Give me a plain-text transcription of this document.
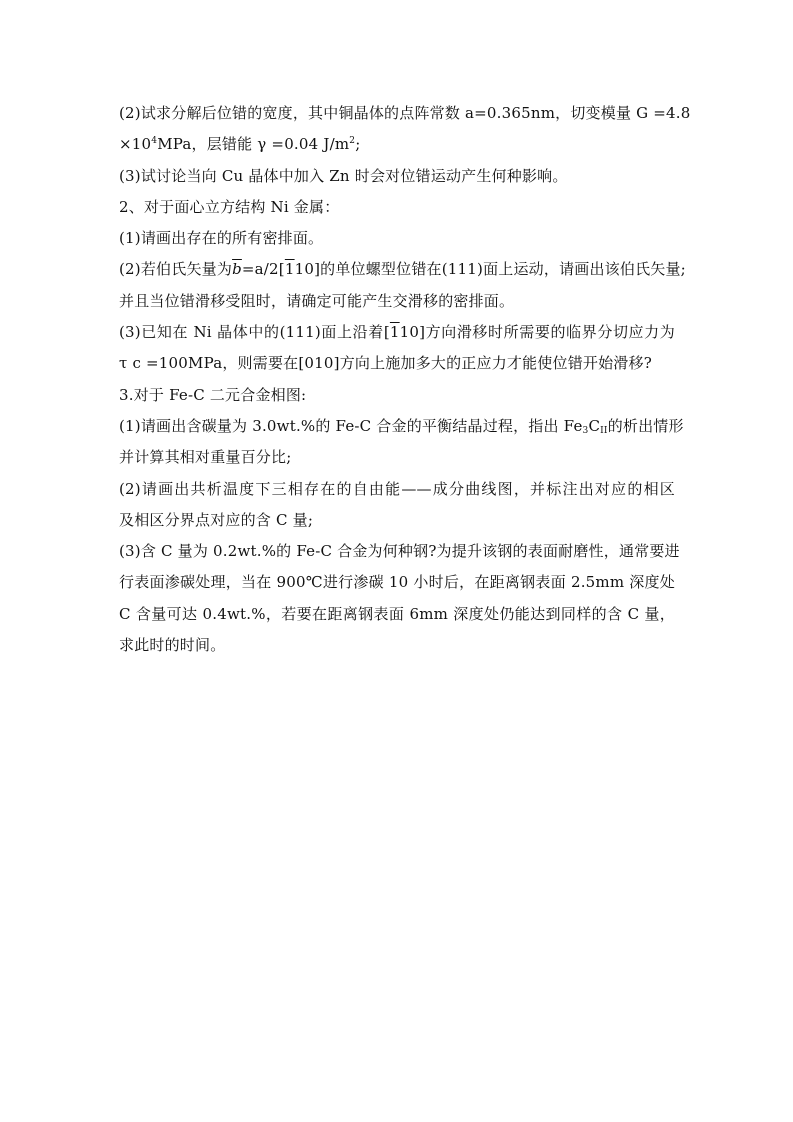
(2)试求分解后位错的宽度，其中铜晶体的点阵常数 a=0.365nm，切变模量 G =4.8
$\times 10^4MPa$，层错能 γ =0.04 $J/m^2$;
(3)试讨论当向 Cu 晶体中加入 Zn 时会对位错运动产生何种影响。
2、对于面心立方结构 Ni 金属：
(1)请画出存在的所有密排面。
(2)若伯氏矢量为$\overline{b}=a/2[110]$的单位螺型位错在(111)面上运动，请画出该伯氏矢量;
并且当位错滑移受阻时，请确定可能产生交滑移的密排面。
(3)已知在 Ni 晶体中的(111)面上沿着[110]方向滑移时所需要的临界分切应力为
τ c =100MPa，则需要在[010]方向上施加多大的正应力才能使位错开始滑移?
3.对于 Fe-C 二元合金相图:
(1)请画出含碳量为 3.0wt.%的 Fe-C 合金的平衡结晶过程，指出 $Fe_3C_{II}$的析出情形
并计算其相对重量百分比;
(2)请画出共析温度下三相存在的自由能——成分曲线图，并标注出对应的相区
及相区分界点对应的含 C 量;
(3)含 C 量为 0.2wt.%的 Fe-C 合金为何种钢?为提升该钢的表面耐磨性，通常要进
行表面渗碳处理，当在 900℃进行渗碳 10 小时后，在距离钢表面 2.5mm 深度处
C 含量可达 0.4wt.%，若要在距离钢表面 6mm 深度处仍能达到同样的含 C 量，
求此时的时间。
